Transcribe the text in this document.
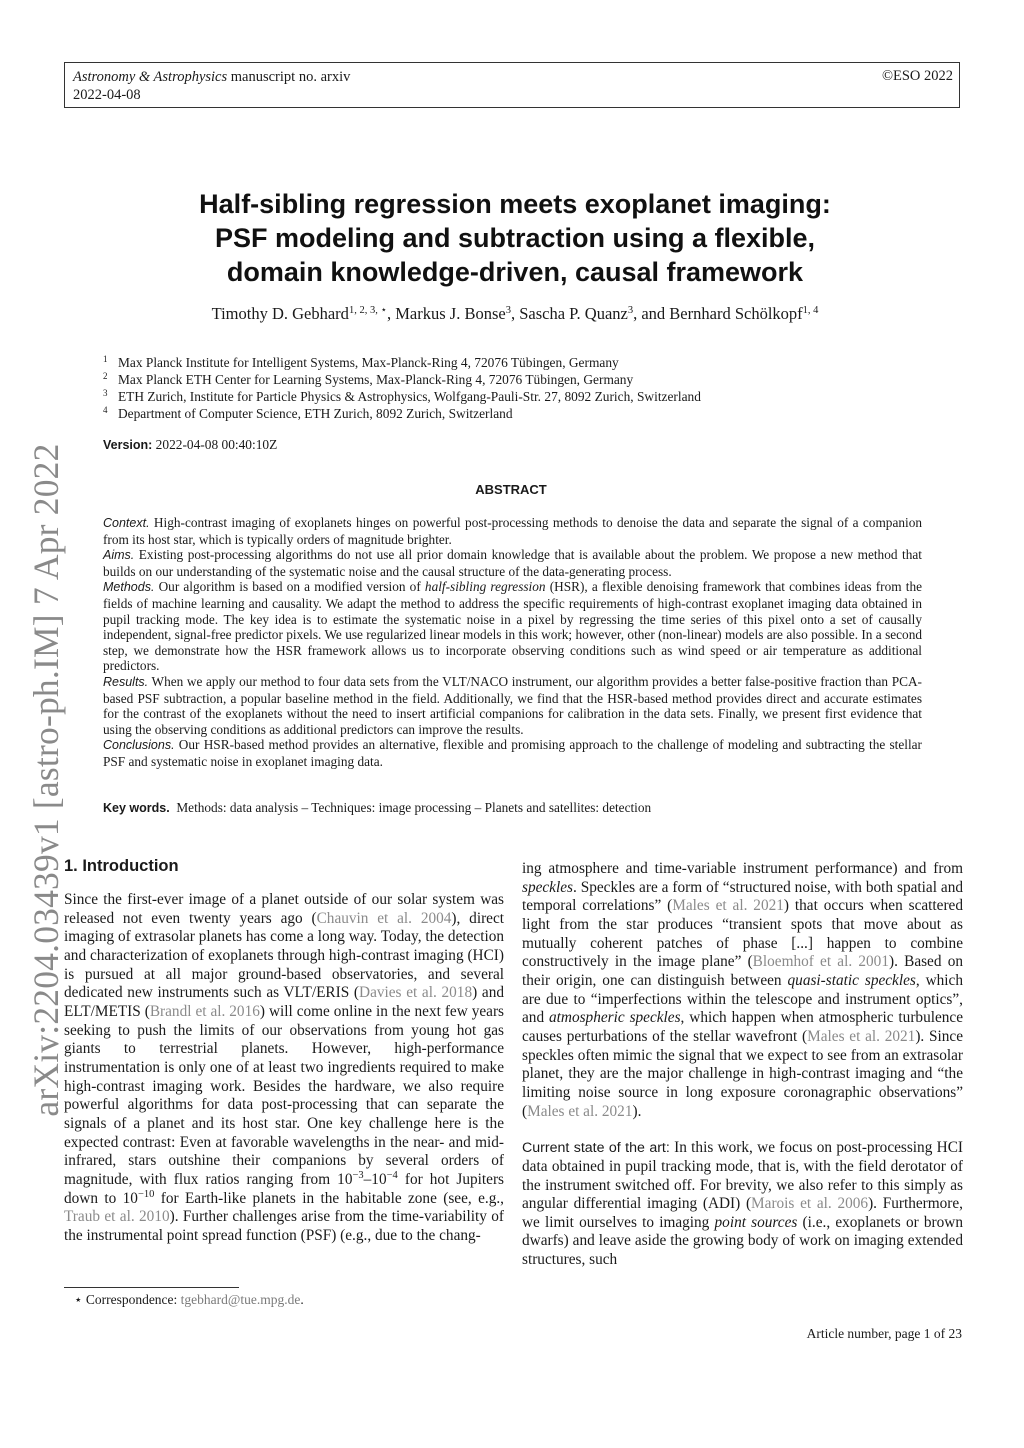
Astronomy & Astrophysics manuscript no. arxiv
2022-04-08
©ESO 2022
arXiv:2204.03439v1 [astro-ph.IM] 7 Apr 2022
Half-sibling regression meets exoplanet imaging:
PSF modeling and subtraction using a flexible,
domain knowledge-driven, causal framework
Timothy D. Gebhard$^{1, 2, 3, ⋆}$, Markus J. Bonse$^3$, Sascha P. Quanz$^3$, and Bernhard Schölkopf$^{1, 4}$
$^1$ Max Planck Institute for Intelligent Systems, Max-Planck-Ring 4, 72076 Tübingen, Germany
$^2$ Max Planck ETH Center for Learning Systems, Max-Planck-Ring 4, 72076 Tübingen, Germany
$^3$ ETH Zurich, Institute for Particle Physics & Astrophysics, Wolfgang-Pauli-Str. 27, 8092 Zurich, Switzerland
$^4$ Department of Computer Science, ETH Zurich, 8092 Zurich, Switzerland
Version: 2022-04-08 00:40:10Z
ABSTRACT

Context. High-contrast imaging of exoplanets hinges on powerful post-processing methods to denoise the data and separate the signal of a companion from its host star, which is typically orders of magnitude brighter.

Aims. Existing post-processing algorithms do not use all prior domain knowledge that is available about the problem. We propose a new method that builds on our understanding of the systematic noise and the causal structure of the data-generating process.

Methods. Our algorithm is based on a modified version of half-sibling regression (HSR), a flexible denoising framework that combines ideas from the fields of machine learning and causality. We adapt the method to address the specific requirements of high-contrast exoplanet imaging data obtained in pupil tracking mode. The key idea is to estimate the systematic noise in a pixel by regressing the time series of this pixel onto a set of causally independent, signal-free predictor pixels. We use regularized linear models in this work; however, other (non-linear) models are also possible. In a second step, we demonstrate how the HSR framework allows us to incorporate observing conditions such as wind speed or air temperature as additional predictors.

Results. When we apply our method to four data sets from the VLT/NACO instrument, our algorithm provides a better false-positive fraction than PCA-based PSF subtraction, a popular baseline method in the field. Additionally, we find that the HSR-based method provides direct and accurate estimates for the contrast of the exoplanets without the need to insert artificial companions for calibration in the data sets. Finally, we present first evidence that using the observing conditions as additional predictors can improve the results.

Conclusions. Our HSR-based method provides an alternative, flexible and promising approach to the challenge of modeling and subtracting the stellar PSF and systematic noise in exoplanet imaging data.

Key words. Methods: data analysis – Techniques: image processing – Planets and satellites: detection
1. Introduction

Since the first-ever image of a planet outside of our solar system was released not even twenty years ago (Chauvin et al. 2004), direct imaging of extrasolar planets has come a long way. Today, the detection and characterization of exoplanets through high-contrast imaging (HCI) is pursued at all major ground-based observatories, and several dedicated new instruments such as VLT/ERIS (Davies et al. 2018) and ELT/METIS (Brandl et al. 2016) will come online in the next few years seeking to push the limits of our observations from young hot gas giants to terrestrial planets. However, high-performance instrumentation is only one of at least two ingredients required to make high-contrast imaging work. Besides the hardware, we also require powerful algorithms for data post-processing that can separate the signals of a planet and its host star. One key challenge here is the expected contrast: Even at favorable wavelengths in the near- and mid-infrared, stars outshine their companions by several orders of magnitude, with flux ratios ranging from $10^{-3}-10^{-4}$ for hot Jupiters down to $10^{-10}$ for Earth-like planets in the habitable zone (see, e.g., Traub et al. 2010). Further challenges arise from the time-variability of the instrumental point spread function (PSF) (e.g., due to the chang-

ing atmosphere and time-variable instrument performance) and from speckles. Speckles are a form of “structured noise, with both spatial and temporal correlations” (Males et al. 2021) that occurs when scattered light from the star produces “transient spots that move about as mutually coherent patches of phase [...] happen to combine constructively in the image plane” (Bloemhof et al. 2001). Based on their origin, one can distinguish between quasi-static speckles, which are due to “imperfections within the telescope and instrument optics”, and atmospheric speckles, which happen when atmospheric turbulence causes perturbations of the stellar wavefront (Males et al. 2021). Since speckles often mimic the signal that we expect to see from an extrasolar planet, they are the major challenge in high-contrast imaging and “the limiting noise source in long exposure coronagraphic observations” (Males et al. 2021).

Current state of the art: In this work, we focus on post-processing HCI data obtained in pupil tracking mode, that is, with the field derotator of the instrument switched off. For brevity, we also refer to this simply as angular differential imaging (ADI) (Marois et al. 2006). Furthermore, we limit ourselves to imaging point sources (i.e., exoplanets or brown dwarfs) and leave aside the growing body of work on imaging extended structures, such

⋆ Correspondence: tgebhard@tue.mpg.de.
Article number, page 1 of 23
